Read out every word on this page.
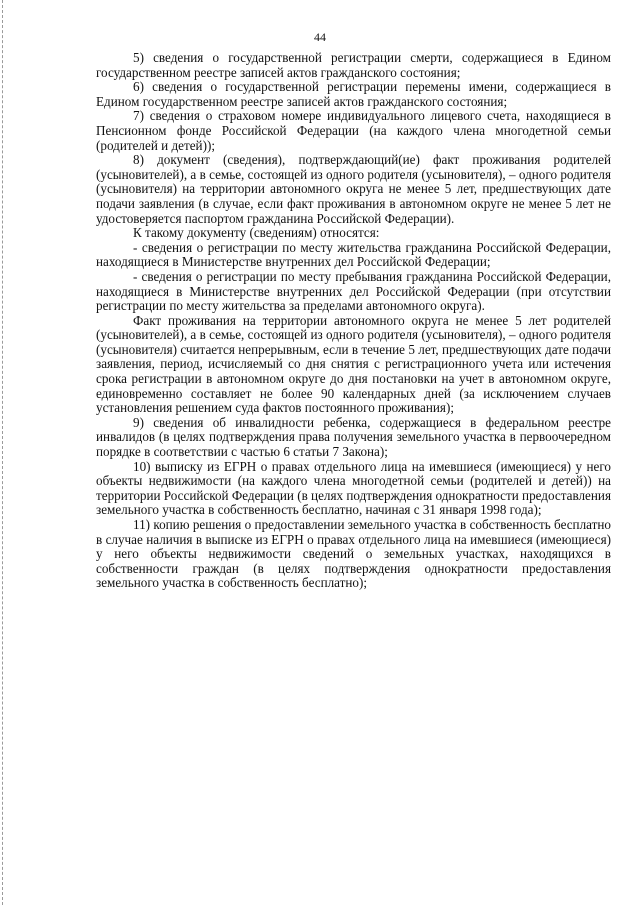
44

5) сведения о государственной регистрации смерти, содержащиеся в Едином государственном реестре записей актов гражданского состояния;

6) сведения о государственной регистрации перемены имени, содержащиеся в Едином государственном реестре записей актов гражданского состояния;

7) сведения о страховом номере индивидуального лицевого счета, находящиеся в Пенсионном фонде Российской Федерации (на каждого члена многодетной семьи (родителей и детей));

8) документ (сведения), подтверждающий(ие) факт проживания родителей (усыновителей), а в семье, состоящей из одного родителя (усыновителя), – одного родителя (усыновителя) на территории автономного округа не менее 5 лет, предшествующих дате подачи заявления (в случае, если факт проживания в автономном округе не менее 5 лет не удостоверяется паспортом гражданина Российской Федерации).

К такому документу (сведениям) относятся:

- сведения о регистрации по месту жительства гражданина Российской Федерации, находящиеся в Министерстве внутренних дел Российской Федерации;

- сведения о регистрации по месту пребывания гражданина Российской Федерации, находящиеся в Министерстве внутренних дел Российской Федерации (при отсутствии регистрации по месту жительства за пределами автономного округа).

Факт проживания на территории автономного округа не менее 5 лет родителей (усыновителей), а в семье, состоящей из одного родителя (усыновителя), – одного родителя (усыновителя) считается непрерывным, если в течение 5 лет, предшествующих дате подачи заявления, период, исчисляемый со дня снятия с регистрационного учета или истечения срока регистрации в автономном округе до дня постановки на учет в автономном округе, единовременно составляет не более 90 календарных дней (за исключением случаев установления решением суда фактов постоянного проживания);

9) сведения об инвалидности ребенка, содержащиеся в федеральном реестре инвалидов (в целях подтверждения права получения земельного участка в первоочередном порядке в соответствии с частью 6 статьи 7 Закона);

10) выписку из ЕГРН о правах отдельного лица на имевшиеся (имеющиеся) у него объекты недвижимости (на каждого члена многодетной семьи (родителей и детей)) на территории Российской Федерации (в целях подтверждения однократности предоставления земельного участка в собственность бесплатно, начиная с 31 января 1998 года);

11) копию решения о предоставлении земельного участка в собственность бесплатно в случае наличия в выписке из ЕГРН о правах отдельного лица на имевшиеся (имеющиеся) у него объекты недвижимости сведений о земельных участках, находящихся в собственности граждан (в целях подтверждения однократности предоставления земельного участка в собственность бесплатно);
